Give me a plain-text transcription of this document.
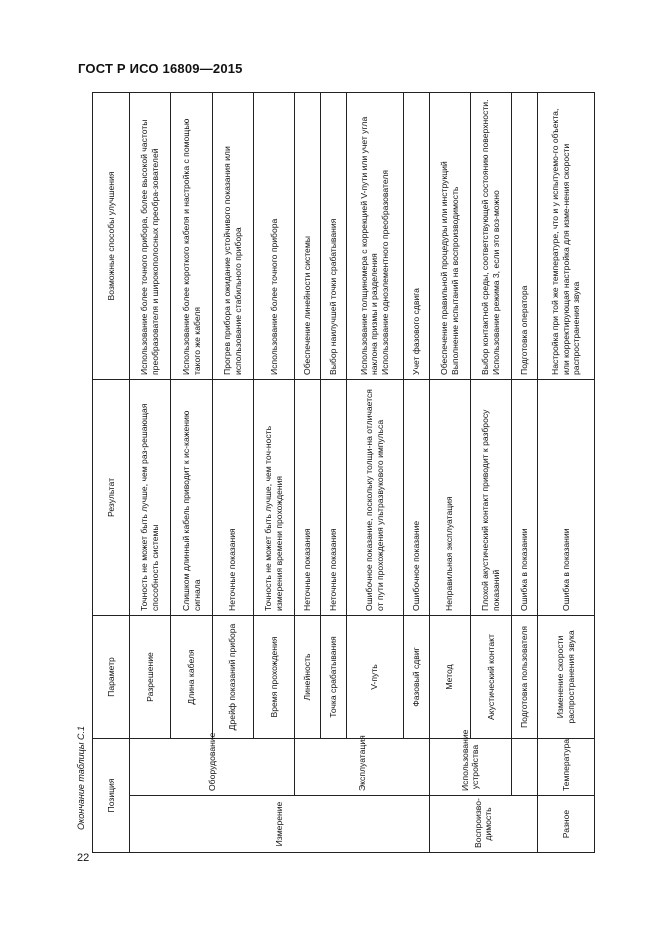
ГОСТ Р ИСО 16809—2015
Окончание таблицы С.1
22
Позиция		Параметр	Результат	Возможные способы улучшения
Измерение	Оборудование	Разрешение	Точность не может быть лучше, чем раз-решающая способность системы	Использование более точного прибора, более высокой частоты преобразователя и широкополосных преобра-зователей
		Длина кабеля	Слишком длинный кабель приводит к ис-кажению сигнала	Использование более короткого кабеля и настройка с помощью такого же кабеля
		Дрейф показаний прибора	Неточные показания	Прогрев прибора и ожидание устойчивого показания или использование стабильного прибора
		Время прохождения	Точность не может быть лучше, чем точ-ность измерения времени прохождения	Использование более точного прибора
	Эксплуатация	Линейность	Неточные показания	Обеспечение линейности системы
		Точка срабатывания	Неточные показания	Выбор наилучшей точки срабатывания
		V-путь	Ошибочное показание, поскольку толщи-на отличается от пути прохождения ультразвукового импульса	Использование толщиномера с коррекцией V-пути или учет угла наклона призмы и разделения
Использование одноэлементного преобразователя
		Фазовый сдвиг	Ошибочное показание	Учет фазового сдвига
Воспроизво-
димость	Использование устройства	Метод	Неправильная эксплуатация	Обеспечение правильной процедуры или инструкций
Выполнение испытаний на воспроизводимость
		Акустический контакт	Плохой акустический контакт приводит к разбросу показаний	Выбор контактной среды, соответствующей состоянию поверхности. Использование режима 3, если это воз-можно
		Подготовка пользователя	Ошибка в показании	Подготовка оператора
Разное	Температура	Изменение скорости распространения звука	Ошибка в показании	Настройка при той же температуре, что и у испытуемо-го объекта, или корректирующая настройка для изме-нения скорости распространения звука
